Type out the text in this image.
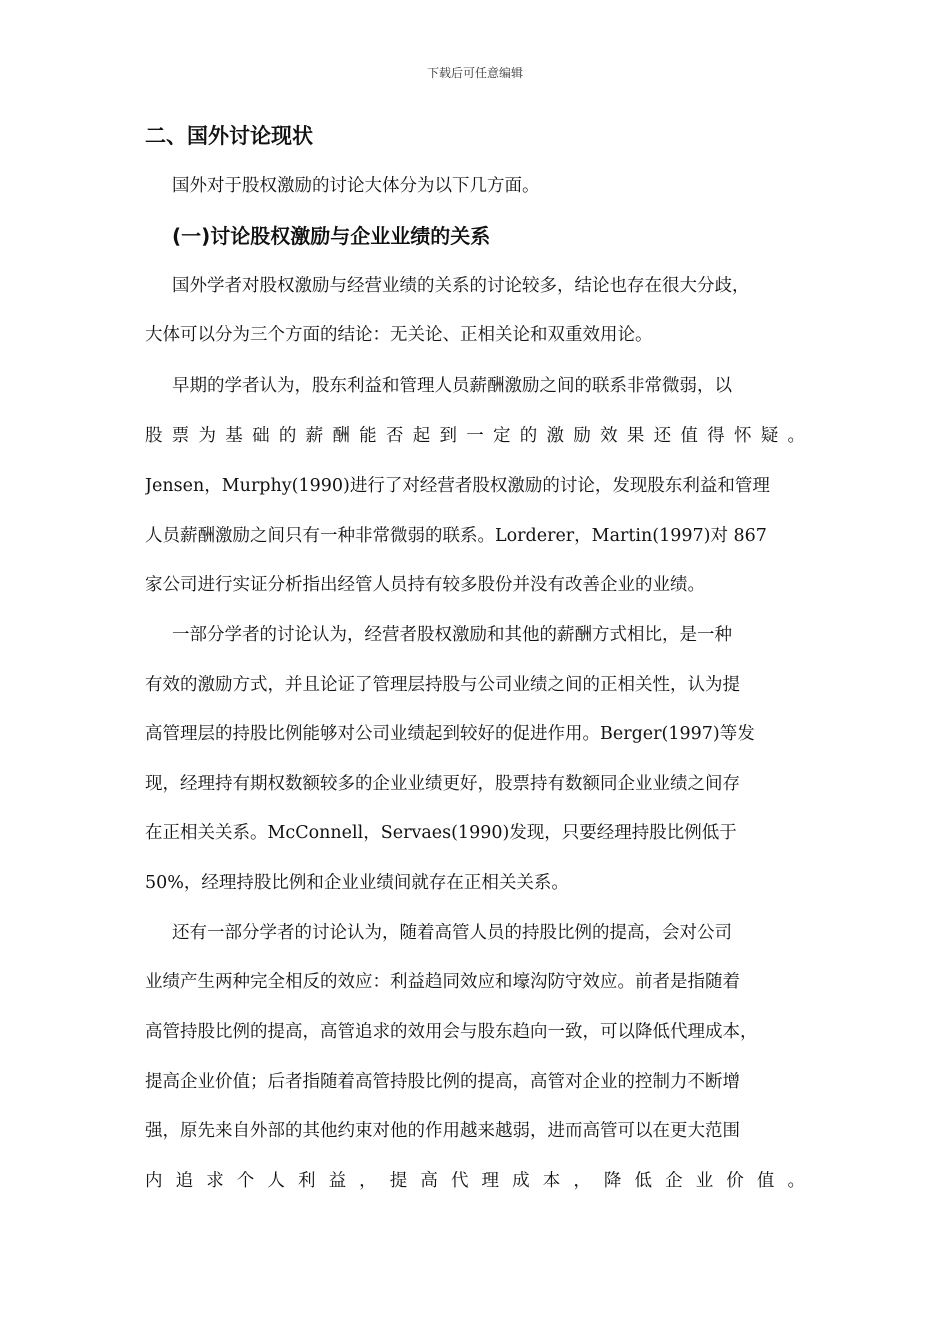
下载后可任意编辑
二、国外讨论现状
国外对于股权激励的讨论大体分为以下几方面。
(一)讨论股权激励与企业业绩的关系
国外学者对股权激励与经营业绩的关系的讨论较多，结论也存在很大分歧，
大体可以分为三个方面的结论：无关论、正相关论和双重效用论。
早期的学者认为，股东利益和管理人员薪酬激励之间的联系非常微弱，以
股票为基础的薪酬能否起到一定的激励效果还值得怀疑。
Jensen，Murphy(1990)进行了对经营者股权激励的讨论，发现股东利益和管理
人员薪酬激励之间只有一种非常微弱的联系。Lorderer，Martin(1997)对 867
家公司进行实证分析指出经管人员持有较多股份并没有改善企业的业绩。
一部分学者的讨论认为，经营者股权激励和其他的薪酬方式相比，是一种
有效的激励方式，并且论证了管理层持股与公司业绩之间的正相关性，认为提
高管理层的持股比例能够对公司业绩起到较好的促进作用。Berger(1997)等发
现，经理持有期权数额较多的企业业绩更好，股票持有数额同企业业绩之间存
在正相关关系。McConnell，Servaes(1990)发现，只要经理持股比例低于
50%，经理持股比例和企业业绩间就存在正相关关系。
还有一部分学者的讨论认为，随着高管人员的持股比例的提高，会对公司
业绩产生两种完全相反的效应：利益趋同效应和壕沟防守效应。前者是指随着
高管持股比例的提高，高管追求的效用会与股东趋向一致，可以降低代理成本，
提高企业价值；后者指随着高管持股比例的提高，高管对企业的控制力不断增
强，原先来自外部的其他约束对他的作用越来越弱，进而高管可以在更大范围
内追求个人利益，提高代理成本，降低企业价值。
